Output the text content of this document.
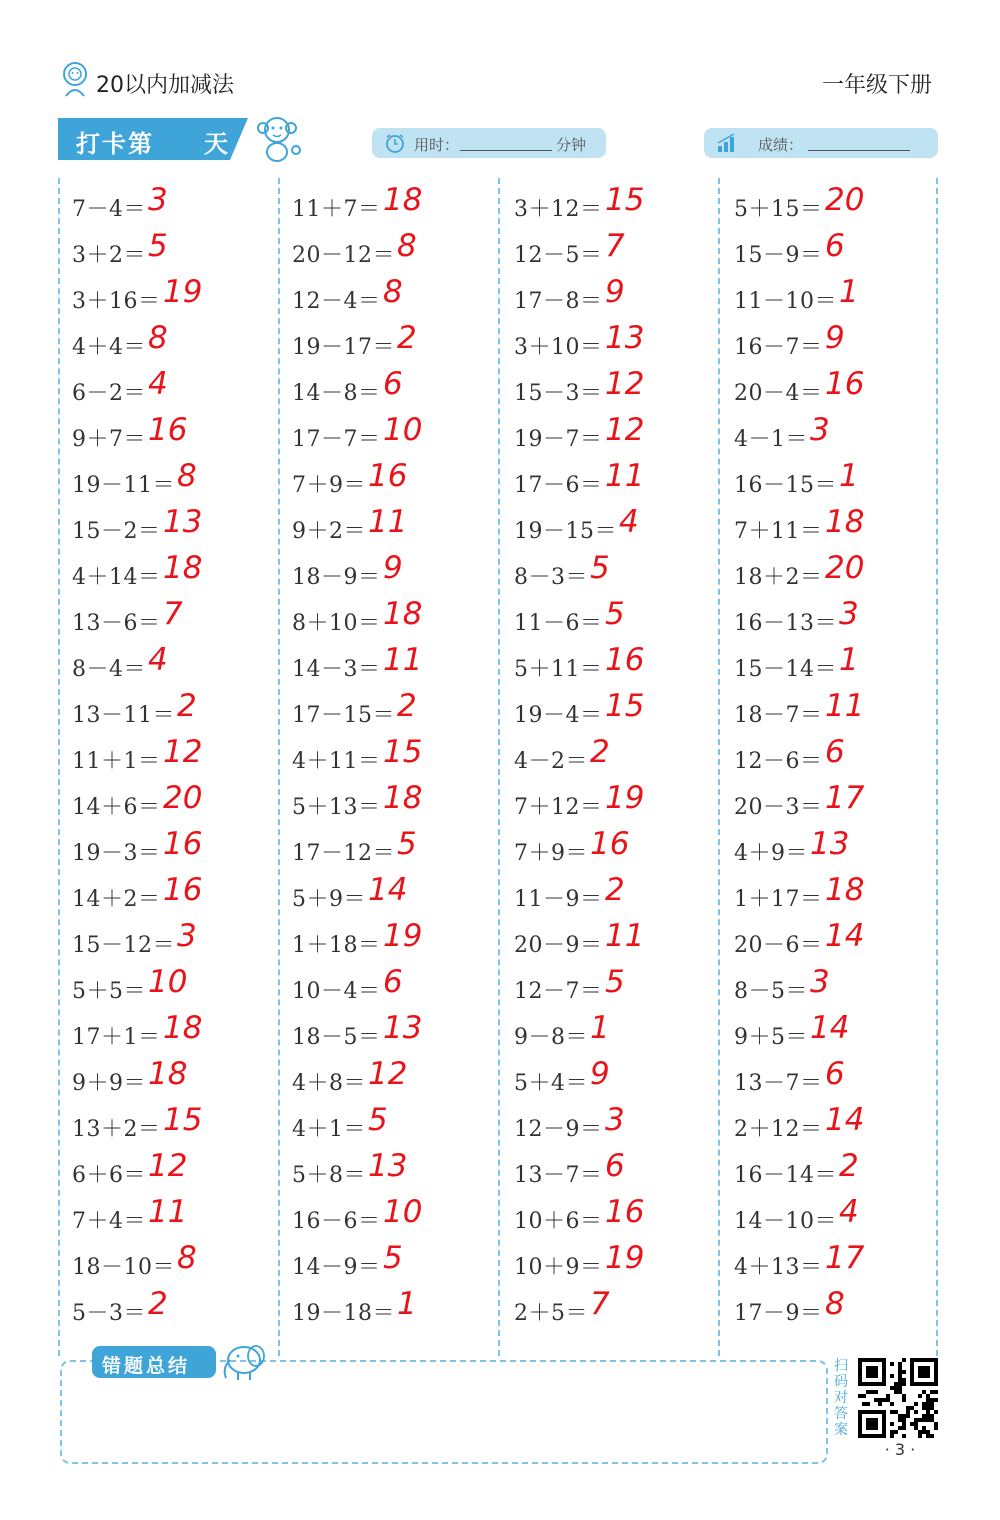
20以内加减法	一年级下册
打卡第 天	用时：	分钟	成绩：
7－4＝ 3
3＋2＝ 5
3＋16＝ 19
4＋4＝ 8
6－2＝ 4
9＋7＝ 16
19－11＝ 8
15－2＝ 13
4＋14＝ 18
13－6＝ 7
8－4＝ 4
13－11＝ 2
11＋1＝ 12
14＋6＝ 20
19－3＝ 16
14＋2＝ 16
15－12＝ 3
5＋5＝ 10
17＋1＝ 18
9＋9＝ 18
13＋2＝ 15
6＋6＝ 12
7＋4＝ 11
18－10＝ 8
5－3＝ 2
11＋7＝ 18
20－12＝ 8
12－4＝ 8
19－17＝ 2
14－8＝ 6
17－7＝ 10
7＋9＝ 16
9＋2＝ 11
18－9＝ 9
8＋10＝ 18
14－3＝ 11
17－15＝ 2
4＋11＝ 15
5＋13＝ 18
17－12＝ 5
5＋9＝ 14
1＋18＝ 19
10－4＝ 6
18－5＝ 13
4＋8＝ 12
4＋1＝ 5
5＋8＝ 13
16－6＝ 10
14－9＝ 5
19－18＝ 1
3＋12＝ 15
12－5＝ 7
17－8＝ 9
3＋10＝ 13
15－3＝ 12
19－7＝ 12
17－6＝ 11
19－15＝ 4
8－3＝ 5
11－6＝ 5
5＋11＝ 16
19－4＝ 15
4－2＝ 2
7＋12＝ 19
7＋9＝ 16
11－9＝ 2
20－9＝ 11
12－7＝ 5
9－8＝ 1
5＋4＝ 9
12－9＝ 3
13－7＝ 6
10＋6＝ 16
10＋9＝ 19
2＋5＝ 7
5＋15＝ 20
15－9＝ 6
11－10＝ 1
16－7＝ 9
20－4＝ 16
4－1＝ 3
16－15＝ 1
7＋11＝ 18
18＋2＝ 20
16－13＝ 3
15－14＝ 1
18－7＝ 11
12－6＝ 6
20－3＝ 17
4＋9＝ 13
1＋17＝ 18
20－6＝ 14
8－5＝ 3
9＋5＝ 14
13－7＝ 6
2＋12＝ 14
16－14＝ 2
14－10＝ 4
4＋13＝ 17
17－9＝ 8
错题总结	扫码对答案
· 3 ·
